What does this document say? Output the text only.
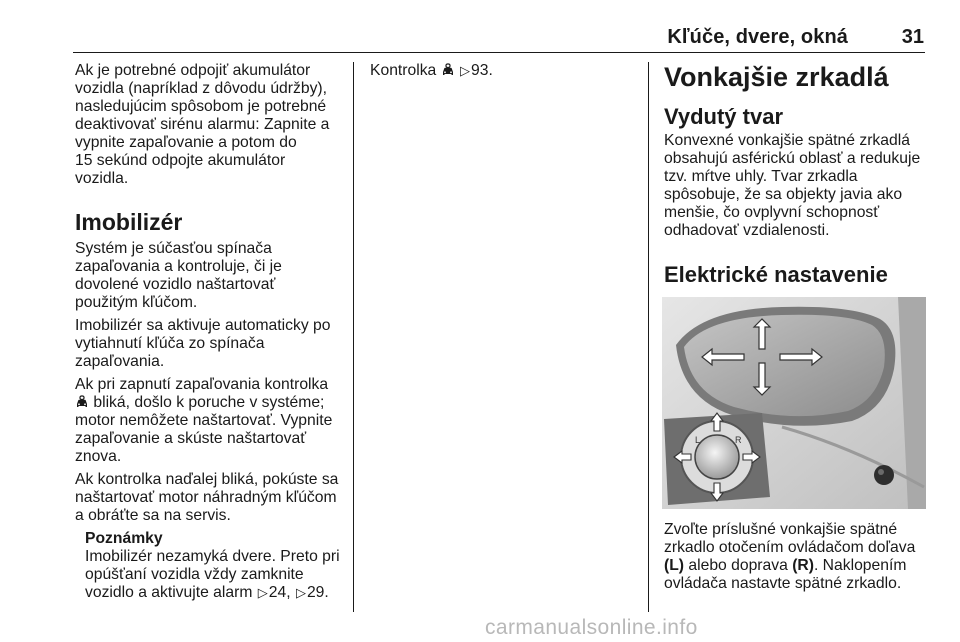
Kľúče, dvere, okná	31

Ak je potrebné odpojiť akumulátor

vozidla (napríklad z dôvodu údržby),

nasledujúcim spôsobom je potrebné

deaktivovať sirénu alarmu: Zapnite a

vypnite zapaľovanie a potom do

15 sekúnd odpojte akumulátor

vozidla.

Imobilizér

Systém je súčasťou spínača

zapaľovania a kontroluje, či je

dovolené vozidlo naštartovať

použitým kľúčom.

Imobilizér sa aktivuje automaticky po

vytiahnutí kľúča zo spínača

zapaľovania.

Ak pri zapnutí zapaľovania kontrolka

bliká, došlo k poruche v systéme;

motor nemôžete naštartovať. Vypnite

zapaľovanie a skúste naštartovať

znova.

Ak kontrolka naďalej bliká, pokúste sa

naštartovať motor náhradným kľúčom

a obráťte sa na servis.

Poznámky

Imobilizér nezamyká dvere. Preto pri

opúšťaní vozidla vždy zamknite

vozidlo a aktivujte alarm ▷24, ▷29.

Kontrolka  ▷93.	Vonkajšie zrkadlá
Vydutý tvar

Konvexné vonkajšie spätné zrkadlá

obsahujú asférickú oblasť a redukuje

tzv. mŕtve uhly. Tvar zrkadla

spôsobuje, že sa objekty javia ako

menšie, čo ovplyvní schopnosť

odhadovať vzdialenosti.

Elektrické nastavenie
L	R

Zvoľte príslušné vonkajšie spätné

zrkadlo otočením ovládačom doľava

(L) alebo doprava (R). Naklopením

ovládača nastavte spätné zrkadlo.

carmanualsonline.info
